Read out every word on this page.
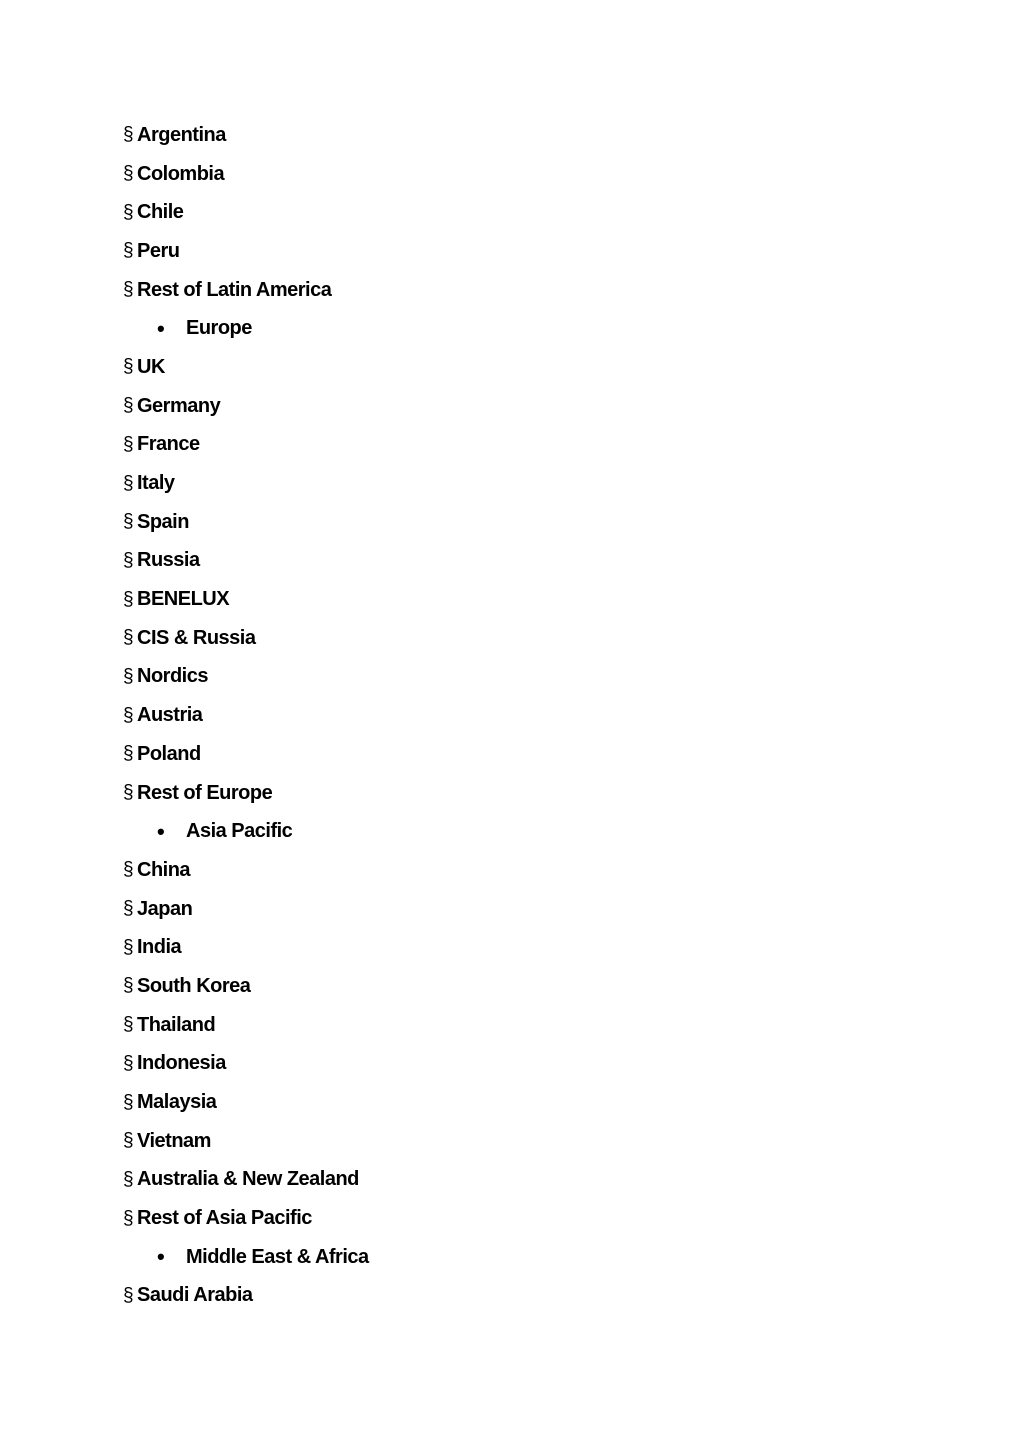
§ Argentina
§ Colombia
§ Chile
§ Peru
§ Rest of Latin America
•	Europe
§ UK
§ Germany
§ France
§ Italy
§ Spain
§ Russia
§ BENELUX
§ CIS & Russia
§ Nordics
§ Austria
§ Poland
§ Rest of Europe
•	Asia Pacific
§ China
§ Japan
§ India
§ South Korea
§ Thailand
§ Indonesia
§ Malaysia
§ Vietnam
§ Australia & New Zealand
§ Rest of Asia Pacific
•	Middle East & Africa
§ Saudi Arabia
